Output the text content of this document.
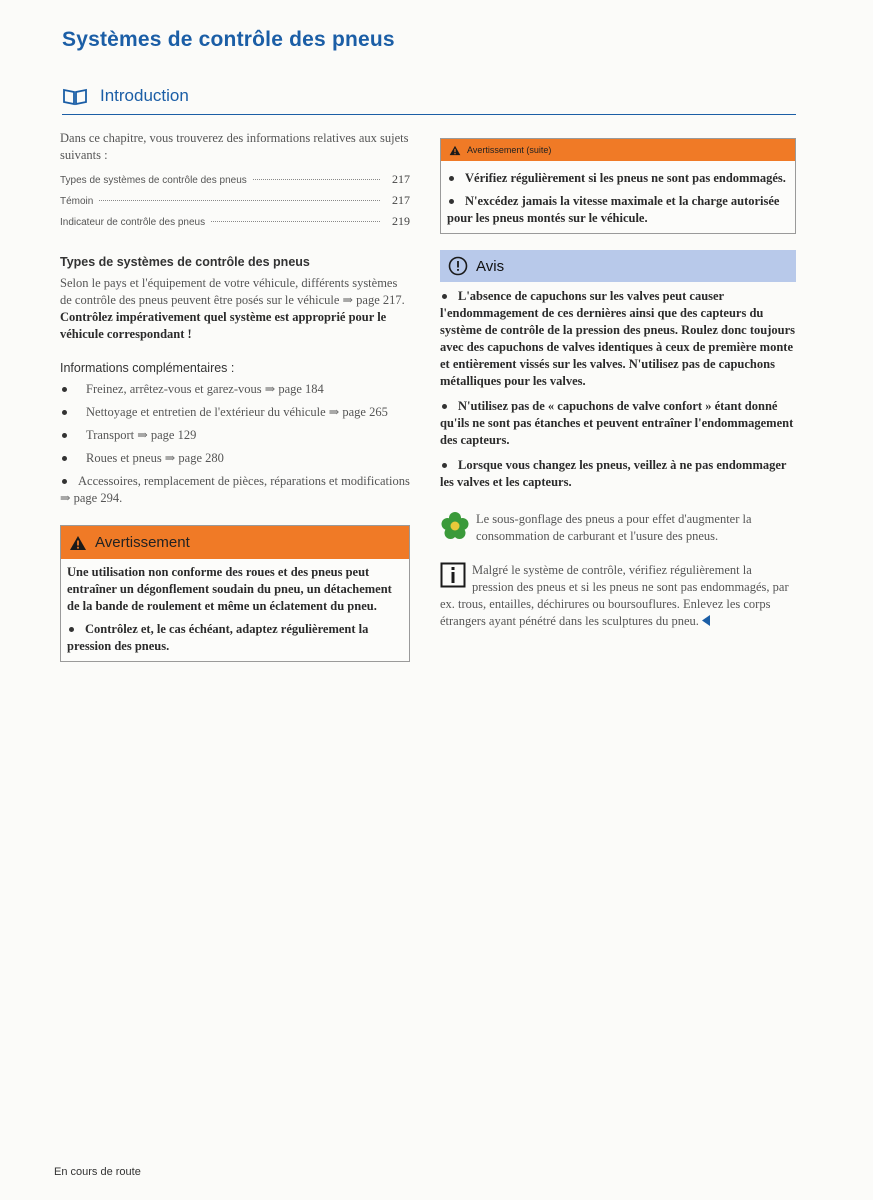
Systèmes de contrôle des pneus
Introduction

Dans ce chapitre, vous trouverez des informations relatives aux sujets suivants :

Types de systèmes de contrôle des pneus	217
Témoin	217
Indicateur de contrôle des pneus	219
Types de systèmes de contrôle des pneus

Selon le pays et l'équipement de votre véhicule, différents systèmes de contrôle des pneus peuvent être posés sur le véhicule ⇒ page 217. Contrôlez impérativement quel système est approprié pour le véhicule correspondant !

Informations complémentaires :

Freinez, arrêtez-vous et garez-vous ⇒ page 184

Nettoyage et entretien de l'extérieur du véhicule ⇒ page 265

Transport ⇒ page 129

Roues et pneus ⇒ page 280

Accessoires, remplacement de pièces, réparations et modifications ⇒ page 294.

Avertissement

Une utilisation non conforme des roues et des pneus peut entraîner un dégonflement soudain du pneu, un détachement de la bande de roulement et même un éclatement du pneu.

Contrôlez et, le cas échéant, adaptez régulièrement la pression des pneus.

Avertissement (suite)

Vérifiez régulièrement si les pneus ne sont pas endommagés.

N'excédez jamais la vitesse maximale et la charge autorisée pour les pneus montés sur le véhicule.

Avis

L'absence de capuchons sur les valves peut causer l'endommagement de ces dernières ainsi que des capteurs du système de contrôle de la pression des pneus. Roulez donc toujours avec des capuchons de valves identiques à ceux de première monte et entièrement vissés sur les valves. N'utilisez pas de capuchons métalliques pour les valves.

N'utilisez pas de « capuchons de valve confort » étant donné qu'ils ne sont pas étanches et peuvent entraîner l'endommagement des capteurs.

Lorsque vous changez les pneus, veillez à ne pas endommager les valves et les capteurs.

Le sous-gonflage des pneus a pour effet d'augmenter la consommation de carburant et l'usure des pneus.

Malgré le système de contrôle, vérifiez régulièrement la pression des pneus et si les pneus ne sont pas endommagés, par ex. trous, entailles, déchirures ou boursouflures. Enlevez les corps étrangers ayant pénétré dans les sculptures du pneu.

En cours de route
